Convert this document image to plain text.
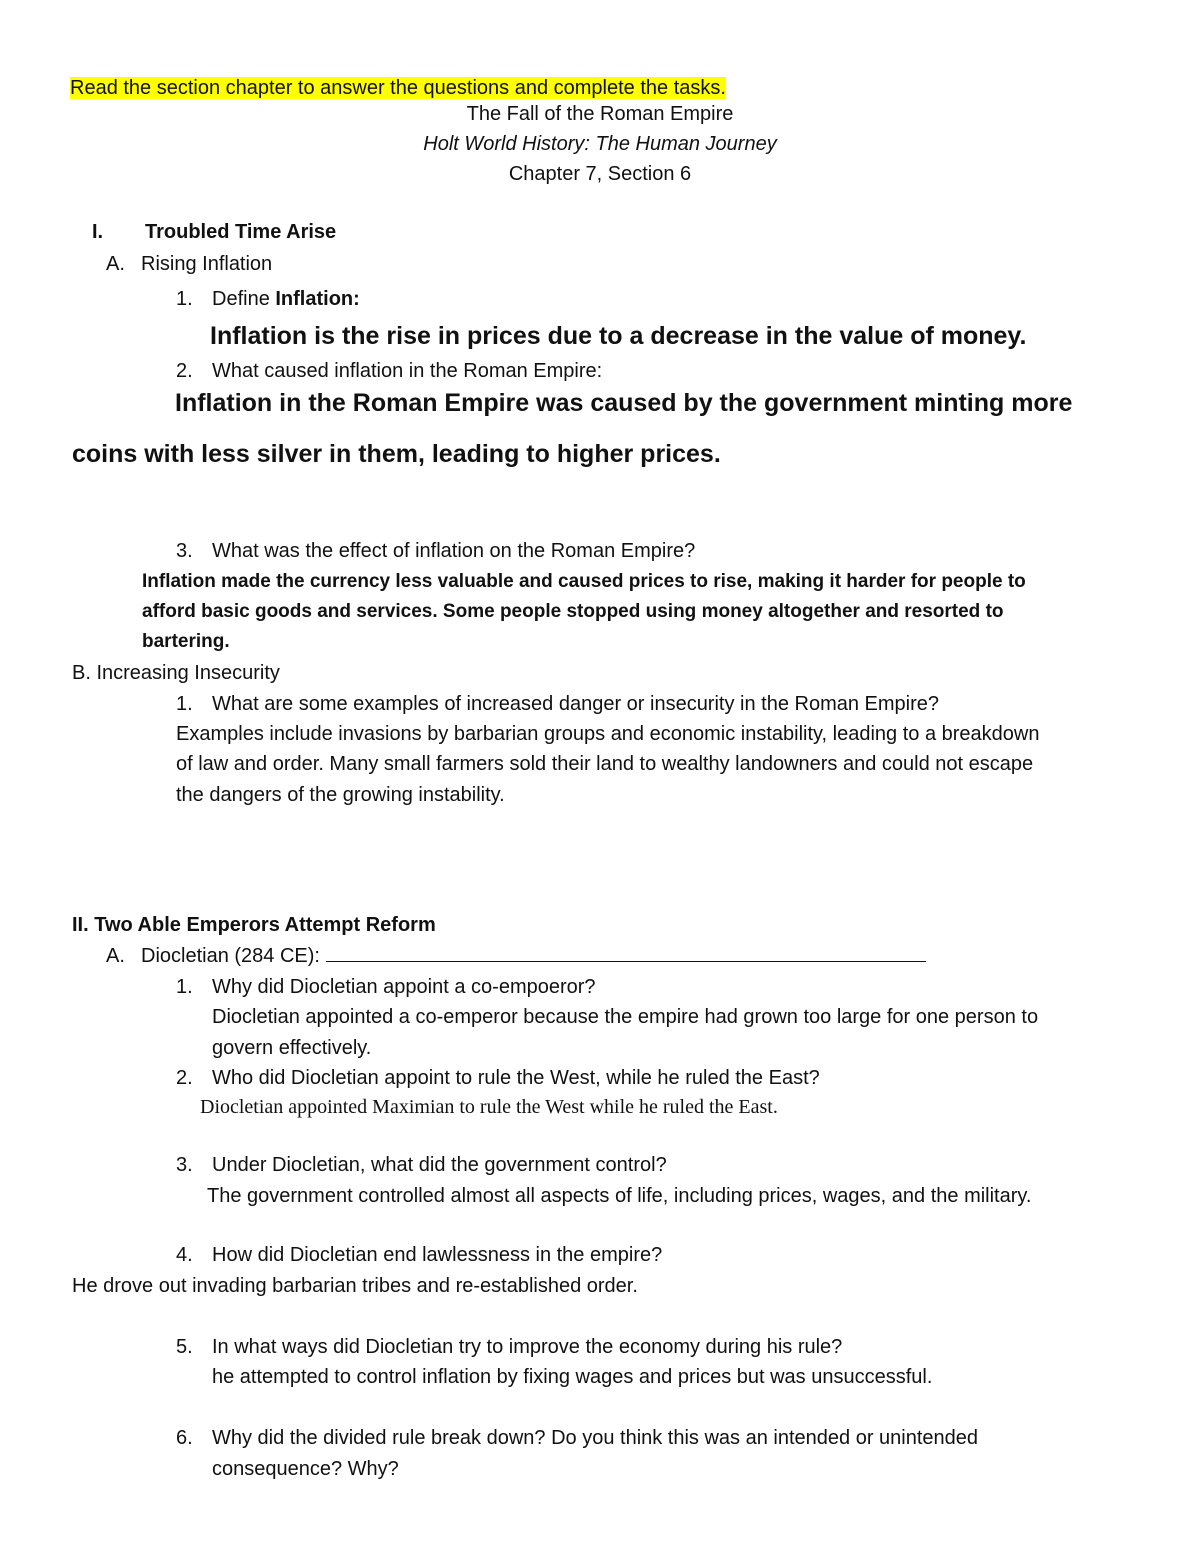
Read the section chapter to answer the questions and complete the tasks.
The Fall of the Roman Empire
Holt World History: The Human Journey
Chapter 7, Section 6
I. Troubled Time Arise
A. Rising Inflation
1. Define Inflation:
Inflation is the rise in prices due to a decrease in the value of money.
2. What caused inflation in the Roman Empire:
Inflation in the Roman Empire was caused by the government minting more
coins with less silver in them, leading to higher prices.
3. What was the effect of inflation on the Roman Empire?
Inflation made the currency less valuable and caused prices to rise, making it harder for people to
afford basic goods and services. Some people stopped using money altogether and resorted to
bartering.
B. Increasing Insecurity
1. What are some examples of increased danger or insecurity in the Roman Empire?
Examples include invasions by barbarian groups and economic instability, leading to a breakdown
of law and order. Many small farmers sold their land to wealthy landowners and could not escape
the dangers of the growing instability.
II. Two Able Emperors Attempt Reform
A. Diocletian (284 CE):
1. Why did Diocletian appoint a co-empoeror?
Diocletian appointed a co-emperor because the empire had grown too large for one person to
govern effectively.
2. Who did Diocletian appoint to rule the West, while he ruled the East?
Diocletian appointed Maximian to rule the West while he ruled the East.
3. Under Diocletian, what did the government control?
The government controlled almost all aspects of life, including prices, wages, and the military.
4. How did Diocletian end lawlessness in the empire?
He drove out invading barbarian tribes and re-established order.
5. In what ways did Diocletian try to improve the economy during his rule?
he attempted to control inflation by fixing wages and prices but was unsuccessful.
6. Why did the divided rule break down? Do you think this was an intended or unintended
consequence? Why?
